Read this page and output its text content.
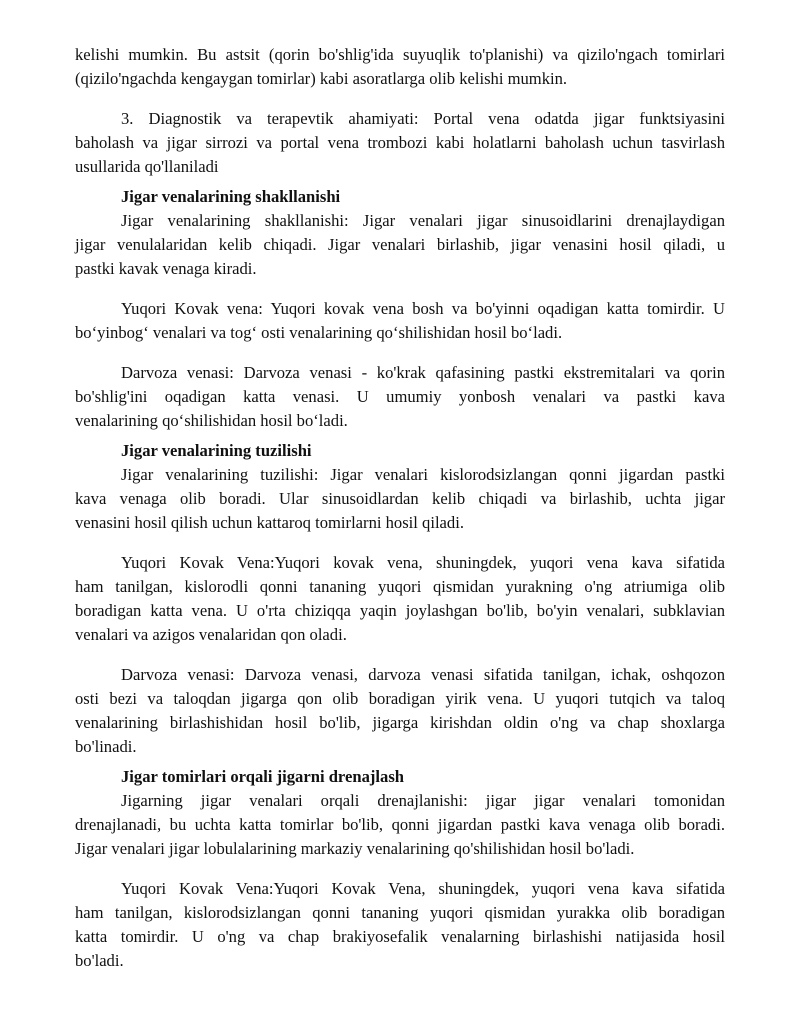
kelishi mumkin. Bu astsit (qorin bo'shlig'ida suyuqlik to'planishi) va qizilo'ngach tomirlari
(qizilo'ngachda kengaygan tomirlar) kabi asoratlarga olib kelishi mumkin.
3. Diagnostik va terapevtik ahamiyati: Portal vena odatda jigar funktsiyasini
baholash va jigar sirrozi va portal vena trombozi kabi holatlarni baholash uchun tasvirlash
usullarida qo'llaniladi
Jigar venalarining shakllanishi
Jigar venalarining shakllanishi: Jigar venalari jigar sinusoidlarini drenajlaydigan
jigar venulalaridan kelib chiqadi. Jigar venalari birlashib, jigar venasini hosil qiladi, u
pastki kavak venaga kiradi.
Yuqori Kovak vena: Yuqori kovak vena bosh va bo'yinni oqadigan katta tomirdir. U
bo‘yinbog‘ venalari va tog‘ osti venalarining qo‘shilishidan hosil bo‘ladi.
Darvoza venasi: Darvoza venasi - ko'krak qafasining pastki ekstremitalari va qorin
bo'shlig'ini oqadigan katta venasi. U umumiy yonbosh venalari va pastki kava
venalarining qo‘shilishidan hosil bo‘ladi.
Jigar venalarining tuzilishi
Jigar venalarining tuzilishi: Jigar venalari kislorodsizlangan qonni jigardan pastki
kava venaga olib boradi. Ular sinusoidlardan kelib chiqadi va birlashib, uchta jigar
venasini hosil qilish uchun kattaroq tomirlarni hosil qiladi.
Yuqori Kovak Vena:Yuqori kovak vena, shuningdek, yuqori vena kava sifatida
ham tanilgan, kislorodli qonni tananing yuqori qismidan yurakning o'ng atriumiga olib
boradigan katta vena. U o'rta chiziqqa yaqin joylashgan bo'lib, bo'yin venalari, subklavian
venalari va azigos venalaridan qon oladi.
Darvoza venasi: Darvoza venasi, darvoza venasi sifatida tanilgan, ichak, oshqozon
osti bezi va taloqdan jigarga qon olib boradigan yirik vena. U yuqori tutqich va taloq
venalarining birlashishidan hosil bo'lib, jigarga kirishdan oldin o'ng va chap shoxlarga
bo'linadi.
Jigar tomirlari orqali jigarni drenajlash
Jigarning jigar venalari orqali drenajlanishi: jigar jigar venalari tomonidan
drenajlanadi, bu uchta katta tomirlar bo'lib, qonni jigardan pastki kava venaga olib boradi.
Jigar venalari jigar lobulalarining markaziy venalarining qo'shilishidan hosil bo'ladi.
Yuqori Kovak Vena:Yuqori Kovak Vena, shuningdek, yuqori vena kava sifatida
ham tanilgan, kislorodsizlangan qonni tananing yuqori qismidan yurakka olib boradigan
katta tomirdir. U o'ng va chap brakiyosefalik venalarning birlashishi natijasida hosil
bo'ladi.
